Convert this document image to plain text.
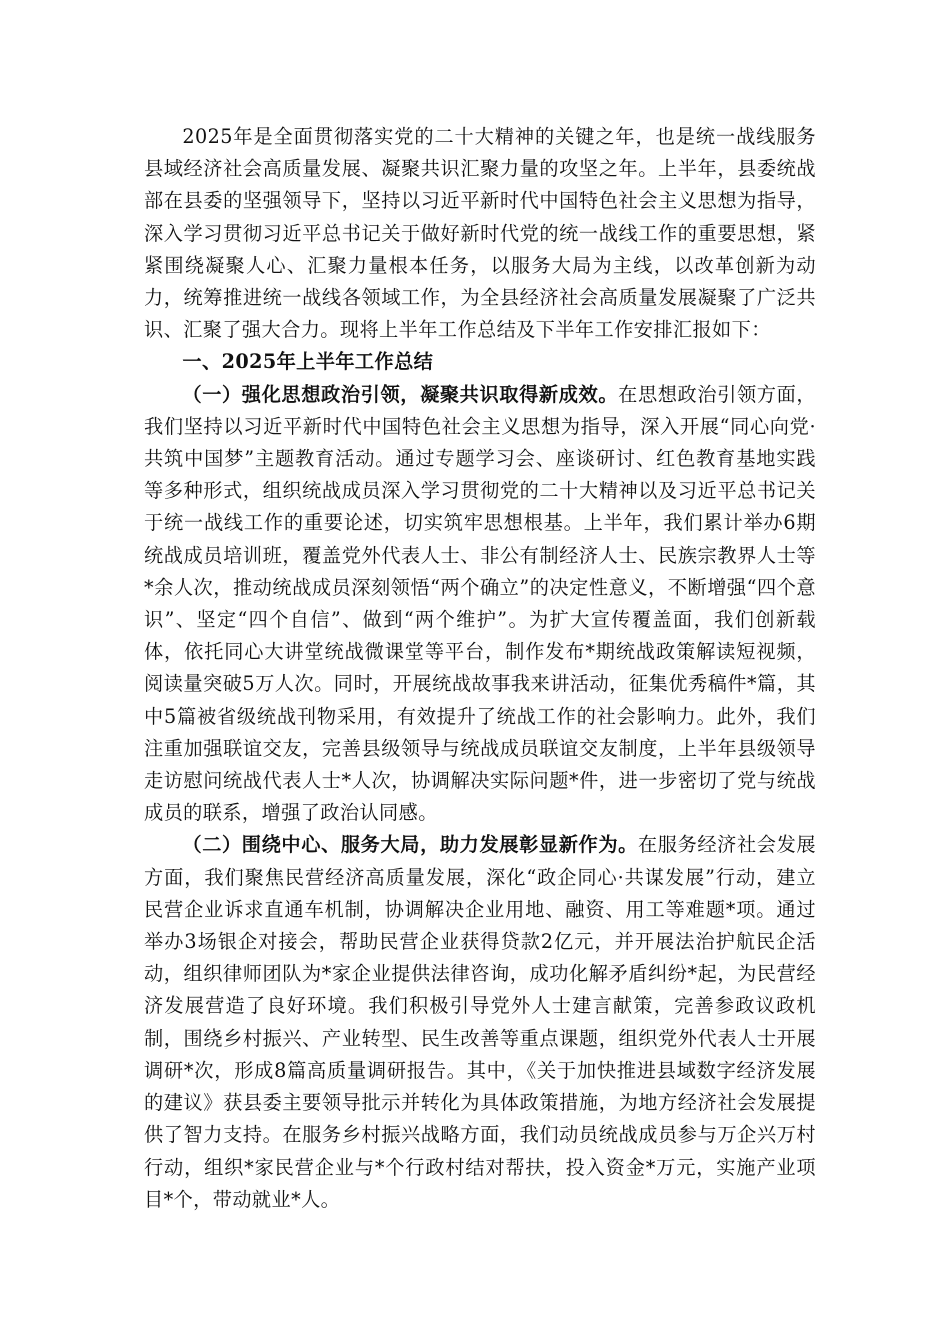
2025年是全面贯彻落实党的二十大精神的关键之年，也是统一战线服务县域经济社会高质量发展、凝聚共识汇聚力量的攻坚之年。上半年，县委统战部在县委的坚强领导下，坚持以习近平新时代中国特色社会主义思想为指导，深入学习贯彻习近平总书记关于做好新时代党的统一战线工作的重要思想，紧紧围绕凝聚人心、汇聚力量根本任务，以服务大局为主线，以改革创新为动力，统筹推进统一战线各领域工作，为全县经济社会高质量发展凝聚了广泛共识、汇聚了强大合力。现将上半年工作总结及下半年工作安排汇报如下：

一、2025年上半年工作总结

（一）强化思想政治引领，凝聚共识取得新成效。在思想政治引领方面，我们坚持以习近平新时代中国特色社会主义思想为指导，深入开展“同心向党·共筑中国梦”主题教育活动。通过专题学习会、座谈研讨、红色教育基地实践等多种形式，组织统战成员深入学习贯彻党的二十大精神以及习近平总书记关于统一战线工作的重要论述，切实筑牢思想根基。上半年，我们累计举办6期统战成员培训班，覆盖党外代表人士、非公有制经济人士、民族宗教界人士等*余人次，推动统战成员深刻领悟“两个确立”的决定性意义，不断增强“四个意识”、坚定“四个自信”、做到“两个维护”。为扩大宣传覆盖面，我们创新载体，依托同心大讲堂统战微课堂等平台，制作发布*期统战政策解读短视频，阅读量突破5万人次。同时，开展统战故事我来讲活动，征集优秀稿件*篇，其中5篇被省级统战刊物采用，有效提升了统战工作的社会影响力。此外，我们注重加强联谊交友，完善县级领导与统战成员联谊交友制度，上半年县级领导走访慰问统战代表人士*人次，协调解决实际问题*件，进一步密切了党与统战成员的联系，增强了政治认同感。

（二）围绕中心、服务大局，助力发展彰显新作为。在服务经济社会发展方面，我们聚焦民营经济高质量发展，深化“政企同心·共谋发展”行动，建立民营企业诉求直通车机制，协调解决企业用地、融资、用工等难题*项。通过举办3场银企对接会，帮助民营企业获得贷款2亿元，并开展法治护航民企活动，组织律师团队为*家企业提供法律咨询，成功化解矛盾纠纷*起，为民营经济发展营造了良好环境。我们积极引导党外人士建言献策，完善参政议政机制，围绕乡村振兴、产业转型、民生改善等重点课题，组织党外代表人士开展调研*次，形成8篇高质量调研报告。其中，《关于加快推进县域数字经济发展的建议》获县委主要领导批示并转化为具体政策措施，为地方经济社会发展提供了智力支持。在服务乡村振兴战略方面，我们动员统战成员参与万企兴万村行动，组织*家民营企业与*个行政村结对帮扶，投入资金*万元，实施产业项目*个，带动就业*人。
